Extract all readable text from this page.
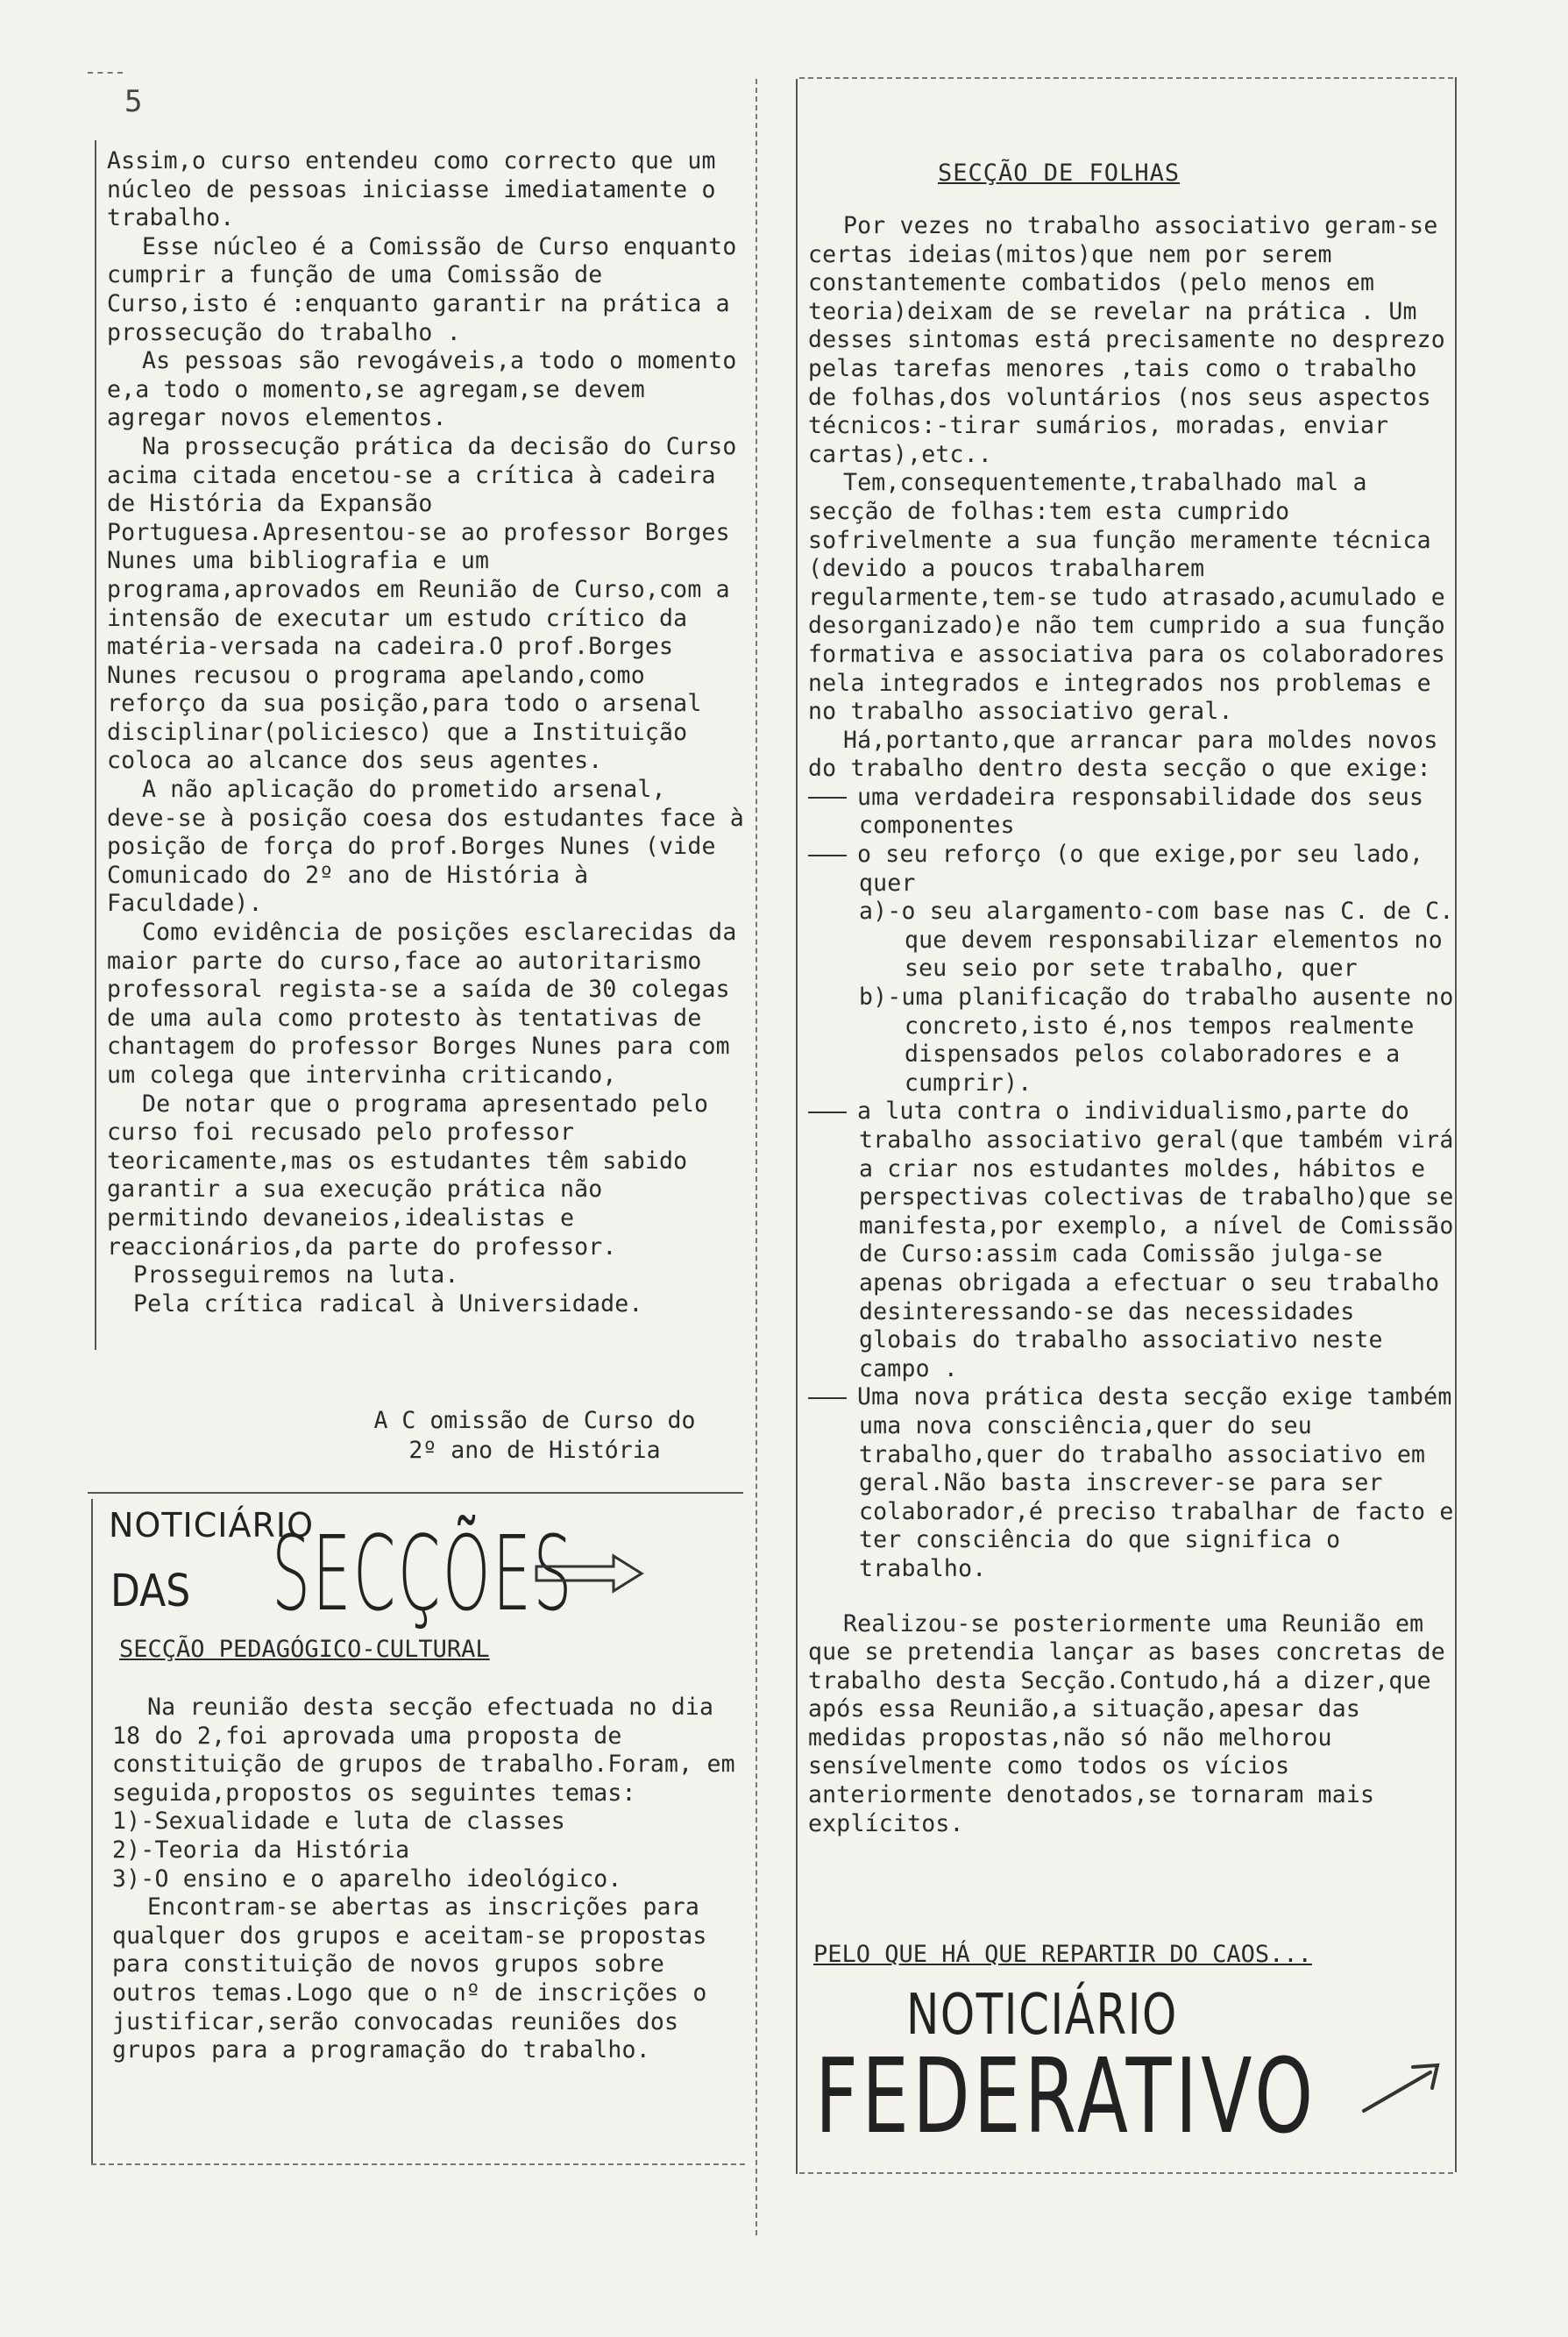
5

Assim,o curso entendeu como correcto que um núcleo de pessoas iniciasse imediatamente o trabalho.

Esse núcleo é a Comissão de Curso enquanto cumprir a função de uma Comissão de Curso,isto é :enquanto garantir na prática a prossecução do trabalho .

As pessoas são revogáveis,a todo o momento e,a todo o momento,se agregam,se devem agregar novos elementos.

Na prossecução prática da decisão do Curso acima citada encetou-se a crítica à cadeira de História da Expansão Portuguesa.Apresentou-se ao professor Borges Nunes uma bibliografia e um programa,aprovados em Reunião de Curso,com a intensão de executar um estudo crítico da matéria-versada na cadeira.O prof.Borges Nunes recusou o programa apelando,como reforço da sua posição,para todo o arsenal disciplinar(policiesco) que a Instituição coloca ao alcance dos seus agentes.

A não aplicação do prometido arsenal, deve-se à posição coesa dos estudantes face à posição de força do prof.Borges Nunes (vide Comunicado do 2º ano de História à Faculdade).

Como evidência de posições esclarecidas da maior parte do curso,face ao autoritarismo professoral regista-se a saída de 30 colegas de uma aula como protesto às tentativas de chantagem do professor Borges Nunes para com um colega que intervinha criticando,

De notar que o programa apresentado pelo curso foi recusado pelo professor teoricamente,mas os estudantes têm sabido garantir a sua execução prática não permitindo devaneios,idealistas e reaccionários,da parte do professor.

Prosseguiremos na luta.

Pela crítica radical à Universidade.

A C omissão de Curso do
2º ano de História
NOTICIÁRIO
DAS SECÇÕES
SECÇÃO PEDAGÓGICO-CULTURAL

Na reunião desta secção efectuada no dia 18 do 2,foi aprovada uma proposta de constituição de grupos de trabalho.Foram, em seguida,propostos os seguintes temas:

1)-Sexualidade e luta de classes

2)-Teoria da História

3)-O ensino e o aparelho ideológico.

Encontram-se abertas as inscrições para qualquer dos grupos e aceitam-se propostas para constituição de novos grupos sobre outros temas.Logo que o nº de inscrições o justificar,serão convocadas reuniões dos grupos para a programação do trabalho.

SECÇÃO DE FOLHAS

Por vezes no trabalho associativo geram-se certas ideias(mitos)que nem por serem constantemente combatidos (pelo menos em teoria)deixam de se revelar na prática . Um desses sintomas está precisamente no desprezo pelas tarefas menores ,tais como o trabalho de folhas,dos voluntários (nos seus aspectos técnicos:-tirar sumários, moradas, enviar cartas),etc..

Tem,consequentemente,trabalhado mal a secção de folhas:tem esta cumprido sofrivelmente a sua função meramente técnica (devido a poucos trabalharem regularmente,tem-se tudo atrasado,acumulado e desorganizado)e não tem cumprido a sua função formativa e associativa para os colaboradores nela integrados e integrados nos problemas e no trabalho associativo geral.

Há,portanto,que arrancar para moldes novos do trabalho dentro desta secção o que exige:

uma verdadeira responsabilidade dos seus componentes

o seu reforço (o que exige,por seu lado, quer

a)-o seu alargamento-com base nas C. de C. que devem responsabilizar elementos no seu seio por sete trabalho, quer

b)-uma planificação do trabalho ausente no concreto,isto é,nos tempos realmente dispensados pelos colaboradores e a cumprir).

a luta contra o individualismo,parte do trabalho associativo geral(que também virá a criar nos estudantes moldes, hábitos e perspectivas colectivas de trabalho)que se manifesta,por exemplo, a nível de Comissão de Curso:assim cada Comissão julga-se apenas obrigada a efectuar o seu trabalho desinteressando-se das necessidades globais do trabalho associativo neste campo .

Uma nova prática desta secção exige também uma nova consciência,quer do seu trabalho,quer do trabalho associativo em geral.Não basta inscrever-se para ser colaborador,é preciso trabalhar de facto e ter consciência do que significa o trabalho.

Realizou-se posteriormente uma Reunião em que se pretendia lançar as bases concretas de trabalho desta Secção.Contudo,há a dizer,que após essa Reunião,a situação,apesar das medidas propostas,não só não melhorou sensívelmente como todos os vícios anteriormente denotados,se tornaram mais explícitos.

PELO QUE HÁ QUE REPARTIR DO CAOS...
NOTICIÁRIO
FEDERATIVO
